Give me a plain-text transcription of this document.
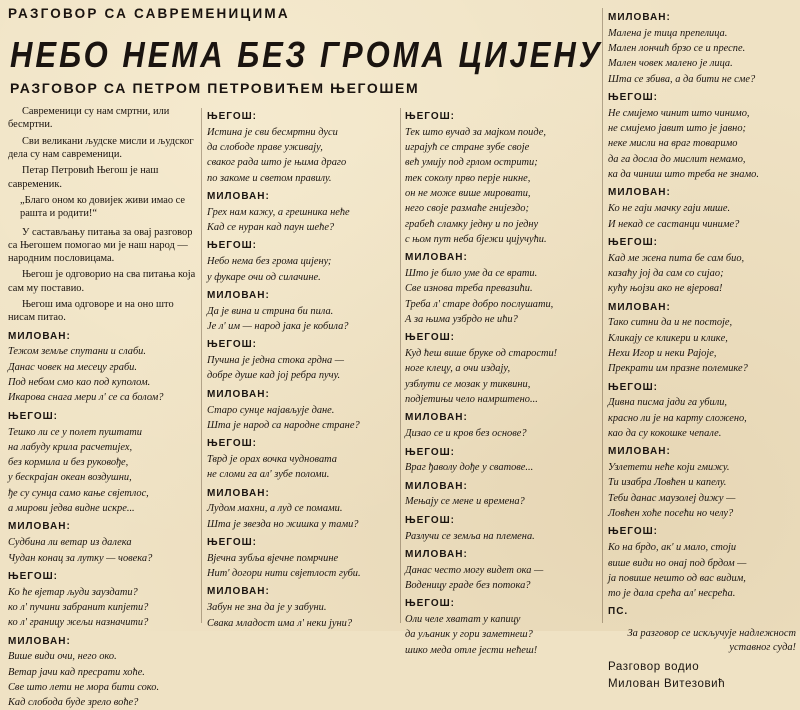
РАЗГОВОР СА САВРЕМЕНИЦИМА
НЕБО НЕМА БЕЗ ГРОМА ЦИЈЕНУ
РАЗГОВОР СА ПЕТРОМ ПЕТРОВИЋЕМ ЊЕГОШЕМ
Савременици су нам смртни, или бесмртни.
Сви великани људске мисли и људског дела су нам савременици.
Петар Петровић Његош је наш савременик.
„Благо оном ко довијек живи имао се рашта и родити!“
У састављању питања за овај разговор са Његошем помогао ми је наш народ — народним пословицама.
Његош је одговорио на сва питања која сам му поставио.
Његош има одговоре и на оно што нисам питао.
МИЛОВАН:
Тежом земље спутани и слаби.
Данас човек на месецу граби.
Под небом смо као под куполом.
Икарова снага мери л' се са болом?
ЊЕГОШ:
Тешко ли се у полет пуштати
на лабуду крила расчетијех,
без кормила и без руковође,
у бескрајан океан воздушни,
ђе су сунца само кање свјетлос,
а мирови једва видне искре...
МИЛОВАН:
Судбина ли ветар из далека
Чудан конац за лутку — човека?
ЊЕГОШ:
Ко ће вјетар људи зауздати?
ко л' пучини забранит кипјети?
ко л' границу жељи назначити?
МИЛОВАН:
Више види очи, него око.
Ветар јачи кад пресрати хоће.
Све што лети не мора бити соко.
Кад слобода буде зрело воће?
ЊЕГОШ:
Истина је сви бесмртни дуси
да слободе праве уживају,
сваког рада што је њима драго
по закоме и светом правилу.
МИЛОВАН:
Грех нам кажу, а грешника неће
Кад се нуран кад паун шеће?
ЊЕГОШ:
Небо нема без грома цијену;
у фукаре очи од силачине.
МИЛОВАН:
Да је вина и стрина би пила.
Је л' им — народ јака је кобила?
ЊЕГОШ:
Пучина је једна стока грдна —
добре душе кад јој ребра пучу.
МИЛОВАН:
Старо сунце најављује дане.
Шта је народ са народне стране?
ЊЕГОШ:
Тврд је орах вочка чудновата
не сломи га ал' зубе поломи.
МИЛОВАН:
Лудом махни, а луд се помами.
Шта је звезда но жишка у тами?
ЊЕГОШ:
Вјечна зубља вјечне помрчине
Нит' догори нити свјетлост губи.
МИЛОВАН:
Забун не зна да је у забуни.
Свака младост има л' неки јуни?
ЊЕГОШ:
Тек што вучад за мајком поиде,
играјућ се стране зубе своје
већ умију под грлом острити;
тек соколу прво перје никне,
он не може више мировати,
него своје размаће гнијездо;
грабећ сламку једну и по једну
с њом пут неба бјежи цијучући.
МИЛОВАН:
Што је било уме да се врати.
Све изнова треба превазићи.
Треба л' старе добро послушати,
А за њима узбрдо не ићи?
ЊЕГОШ:
Куд ћеш више бруке од старости!
ноге клецу, а очи издају,
узблути се мозак у тиквини,
подјетињи чело намрштено...
МИЛОВАН:
Дизао се и кров без основе?
ЊЕГОШ:
Враг ђаволу дође у сватове...
МИЛОВАН:
Мењају се мене и времена?
ЊЕГОШ:
Разлучи се земља на племена.
МИЛОВАН:
Данас често могу видет ока —
Воденицу граде без потока?
ЊЕГОШ:
Оли челе хватат у капицу
да уљаник у гори заметнеш?
шико меда отле јести нећеш!
МИЛОВАН:
Малена је тица препелица.
Мален лончић брзо се и преспе.
Мален човек малено је лица.
Шта се збива, а да бити не сме?
ЊЕГОШ:
Не смијемо чинит што чинимо,
не смијемо јавит што је јавно;
неке мисли на враг товаримо
да га досла до мислит немамо,
ка да чиниш што треба не знамо.
МИЛОВАН:
Ко не гаји мачку гаји мише.
И некад се састанци чиниме?
ЊЕГОШ:
Кад ме жена пита бе сам био,
казаћу јој да сам со сијао;
кућу њојзи ако не вјерова!
МИЛОВАН:
Тако ситни да и не постоје,
Кликају се кликери и кликe,
Нехи Игор и неки Рајоје,
Прекрати им празне полемике?
ЊЕГОШ:
Дивна писма јади га убили,
красно ли је на карту сложено,
као да су кокошке чепале.
МИЛОВАН:
Узлетети неће који гмижу.
Ти изабра Ловћен и капелу.
Теби данас маузолеј дижу —
Ловћен хоће посећи но челу?
ЊЕГОШ:
Ко на брдо, ак' и мало, стоји
више види но онај под брдом —
ја повише нешто од вас видим,
то је дала срећа ал' несрећа.
ПС.
За разговор се искључује надлежност уставног суда!
Разговор водио
Милован Витезовић
